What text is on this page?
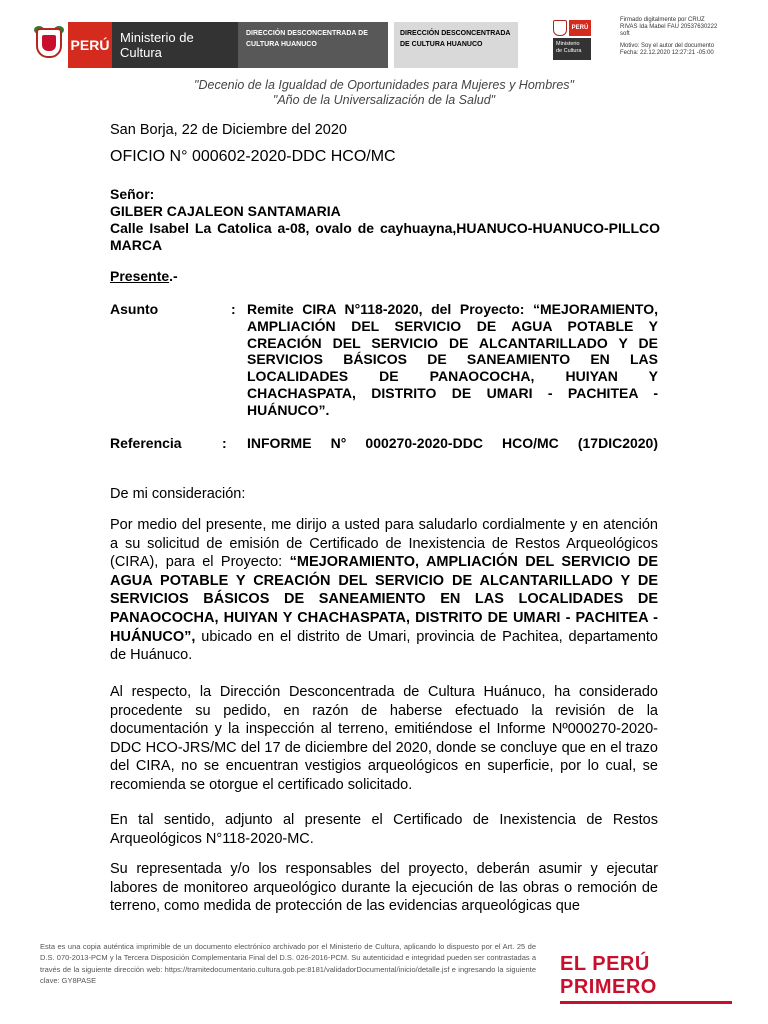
PERÚ Ministerio de Cultura
DIRECCIÓN DESCONCENTRADA DE
CULTURA HUANUCO
DIRECCIÓN DESCONCENTRADA
DE CULTURA HUANUCO
PERÚ
Ministerio
de Cultura
Firmado digitalmente por CRUZ
RIVAS Ida Mabel FAU 20537630222
soft
Motivo: Soy el autor del documento
Fecha: 22.12.2020 12:27:21 -05:00
"Decenio de la Igualdad de Oportunidades para Mujeres y Hombres"
"Año de la Universalización de la Salud"
San Borja, 22 de Diciembre del 2020
OFICIO N° 000602-2020-DDC HCO/MC
Señor:
GILBER CAJALEON SANTAMARIA
Calle Isabel La Catolica a-08, ovalo de cayhuayna,HUANUCO-HUANUCO-PILLCO MARCA
Presente.-
Asunto	: Remite CIRA N°118-2020, del Proyecto: “MEJORAMIENTO, AMPLIACIÓN DEL SERVICIO DE AGUA POTABLE Y CREACIÓN DEL SERVICIO DE ALCANTARILLADO Y DE SERVICIOS BÁSICOS DE SANEAMIENTO EN LAS LOCALIDADES DE PANAOCOCHA, HUIYAN Y CHACHASPATA, DISTRITO DE UMARI - PACHITEA - HUÁNUCO”.
Referencia	: INFORME N° 000270-2020-DDC HCO/MC (17DIC2020)
De mi consideración:
Por medio del presente, me dirijo a usted para saludarlo cordialmente y en atención a su solicitud de emisión de Certificado de Inexistencia de Restos Arqueológicos (CIRA), para el Proyecto: “MEJORAMIENTO, AMPLIACIÓN DEL SERVICIO DE AGUA POTABLE Y CREACIÓN DEL SERVICIO DE ALCANTARILLADO Y DE SERVICIOS BÁSICOS DE SANEAMIENTO EN LAS LOCALIDADES DE PANAOCOCHA, HUIYAN Y CHACHASPATA, DISTRITO DE UMARI - PACHITEA - HUÁNUCO”, ubicado en el distrito de Umari, provincia de Pachitea, departamento de Huánuco.
Al respecto, la Dirección Desconcentrada de Cultura Huánuco, ha considerado procedente su pedido, en razón de haberse efectuado la revisión de la documentación y la inspección al terreno, emitiéndose el Informe Nº000270-2020-DDC HCO-JRS/MC del 17 de diciembre del 2020, donde se concluye que en el trazo del CIRA, no se encuentran vestigios arqueológicos en superficie, por lo cual, se recomienda se otorgue el certificado solicitado.
En tal sentido, adjunto al presente el Certificado de Inexistencia de Restos Arqueológicos N°118-2020-MC.
Su representada y/o los responsables del proyecto, deberán asumir y ejecutar labores de monitoreo arqueológico durante la ejecución de las obras o remoción de terreno, como medida de protección de las evidencias arqueológicas que
Esta es una copia auténtica imprimible de un documento electrónico archivado por el Ministerio de Cultura, aplicando lo dispuesto por el Art. 25 de D.S. 070-2013-PCM y la Tercera Disposición Complementaria Final del D.S. 026-2016-PCM. Su autenticidad e integridad pueden ser contrastadas a través de la siguiente dirección web: https://tramitedocumentario.cultura.gob.pe:8181/validadorDocumental/inicio/detalle.jsf e ingresando la siguiente clave: GY8PASE
EL PERÚ PRIMERO
